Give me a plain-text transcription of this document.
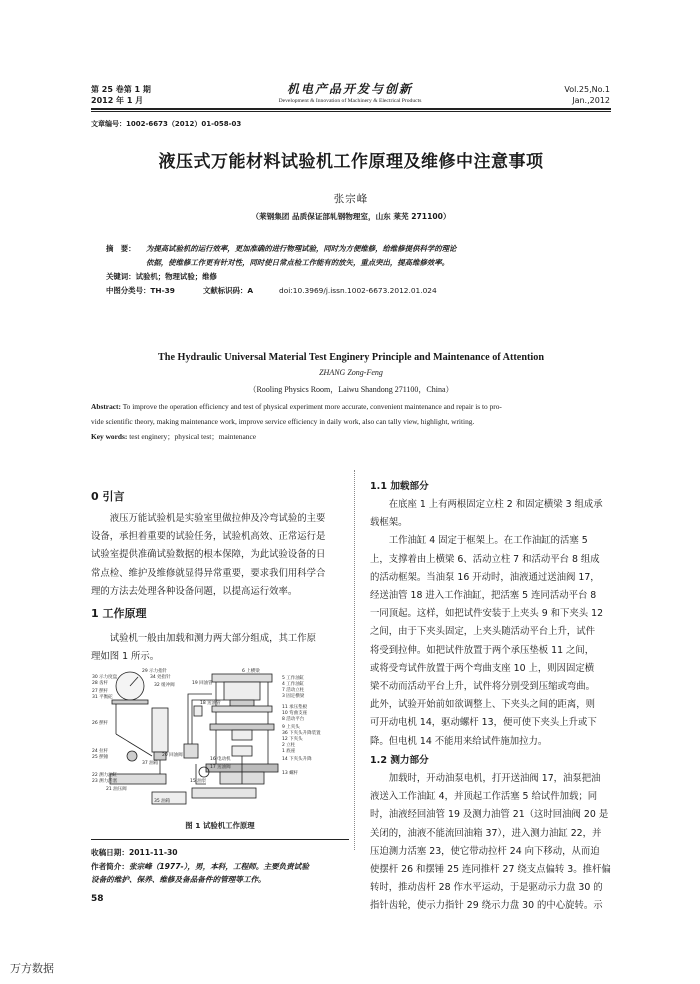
第 25 卷第 1 期
2012 年 1 月
机电产品开发与创新
Development & Innovation of Machinery & Electrical Products
Vol.25,No.1
Jan.,2012
文章编号：1002-6673（2012）01-058-03
液压式万能材料试验机工作原理及维修中注意事项
张宗峰
（莱钢集团 品质保证部轧钢物理室，山东 莱芜 271100）
摘　要： 为提高试验机的运行效率，更加准确的进行物理试验，同时为方便维修，给维修提供科学的理论
依据，使维修工作更有针对性，同时使日常点检工作能有的放矢，重点突出，提高维修效率。
关键词：试验机；物理试验；维修
中图分类号：TH-39	文献标识码：A	doi:10.3969/j.issn.1002-6673.2012.01.024
The Hydraulic Universal Material Test Enginery Principle and Maintenance of Attention
ZHANG Zong-Feng
（Rooling Physics Room，Laiwu Shandong 271100，China）
Abstract: To improve the operation efficiency and test of physical experiment more accurate, convenient maintenance and repair is to pro-
vide scientific theory, making maintenance work, improve service efficiency in daily work, also can tally view, highlight, writing.
Key words: test enginery；physical test；maintenance
0 引言

　　液压万能试验机是实验室里做拉伸及冷弯试验的主要

设备，承担着重要的试验任务，试验机高效、正常运行是

试验室提供准确试验数据的根本保障，为此试验设备的日

常点检、维护及维修就显得异常重要，要求我们用科学合

理的方法去处理各种设备问题，以提高运行效率。

1 工作原理

　　试验机一般由加载和测力两大部分组成，其工作原

理如图 1 所示。

6 上横梁
5 工作油缸
4 工作油缸
7 活动立柱
3 固定横梁
11 承压垫板
10 弯曲支座
8 活动平台
9 上夹头
36 下夹头升降装置
12 下夹头
2 立柱
1 底座
14 下夹头升降
13 螺杆
29 示力指针
30 示力度盘	34 处指针
28 齿杆	32 缓冲阀
27 摆杆
31 平衡砣
26 摆杆
24 拉杆
25 摆锤
22 测力油缸
23 测力活塞
21 油压阀
19 回油管
18 送油管
20 回油阀
37 油箱
16 电动机
17 送油阀
15 油泵
35 油箱
图 1 试验机工作原理
收稿日期：2011-11-30
作者简介：张宗峰（1977-），男，本科，工程师。主要负责试验
设备的维护、保养、维修及备品备件的管理等工作。
1.1 加载部分

　　在底座 1 上有两根固定立柱 2 和固定横梁 3 组成承

载框架。

　　工作油缸 4 固定于框架上。在工作油缸的活塞 5

上，支撑着由上横梁 6、活动立柱 7 和活动平台 8 组成

的活动框架。当油泵 16 开动时，油液通过送油阀 17，

经送油管 18 进入工作油缸，把活塞 5 连同活动平台 8

一同顶起。这样，如把试件安装于上夹头 9 和下夹头 12

之间，由于下夹头固定，上夹头随活动平台上升，试件

将受到拉伸。如把试件放置于两个承压垫板 11 之间，

或将受弯试件放置于两个弯曲支座 10 上，则因固定横

梁不动而活动平台上升，试件将分别受到压缩或弯曲。

此外，试验开始前如欲调整上、下夹头之间的距离，则

可开动电机 14，驱动螺杆 13，便可使下夹头上升或下

降。但电机 14 不能用来给试件施加拉力。

1.2 测力部分

　　加载时，开动油泵电机，打开送油阀 17，油泵把油

液送入工作油缸 4，并顶起工作活塞 5 给试件加载；同

时，油液经回油管 19 及测力油管 21（这时回油阀 20 是

关闭的，油液不能流回油箱 37），进入测力油缸 22，并

压迫测力活塞 23，使它带动拉杆 24 向下移动，从而迫

使摆杆 26 和摆锤 25 连同推杆 27 绕支点偏转 3。推杆偏

转时，推动齿杆 28 作水平运动，于是驱动示力盘 30 的

指针齿轮，使示力指针 29 绕示力盘 30 的中心旋转。示

58
万方数据
